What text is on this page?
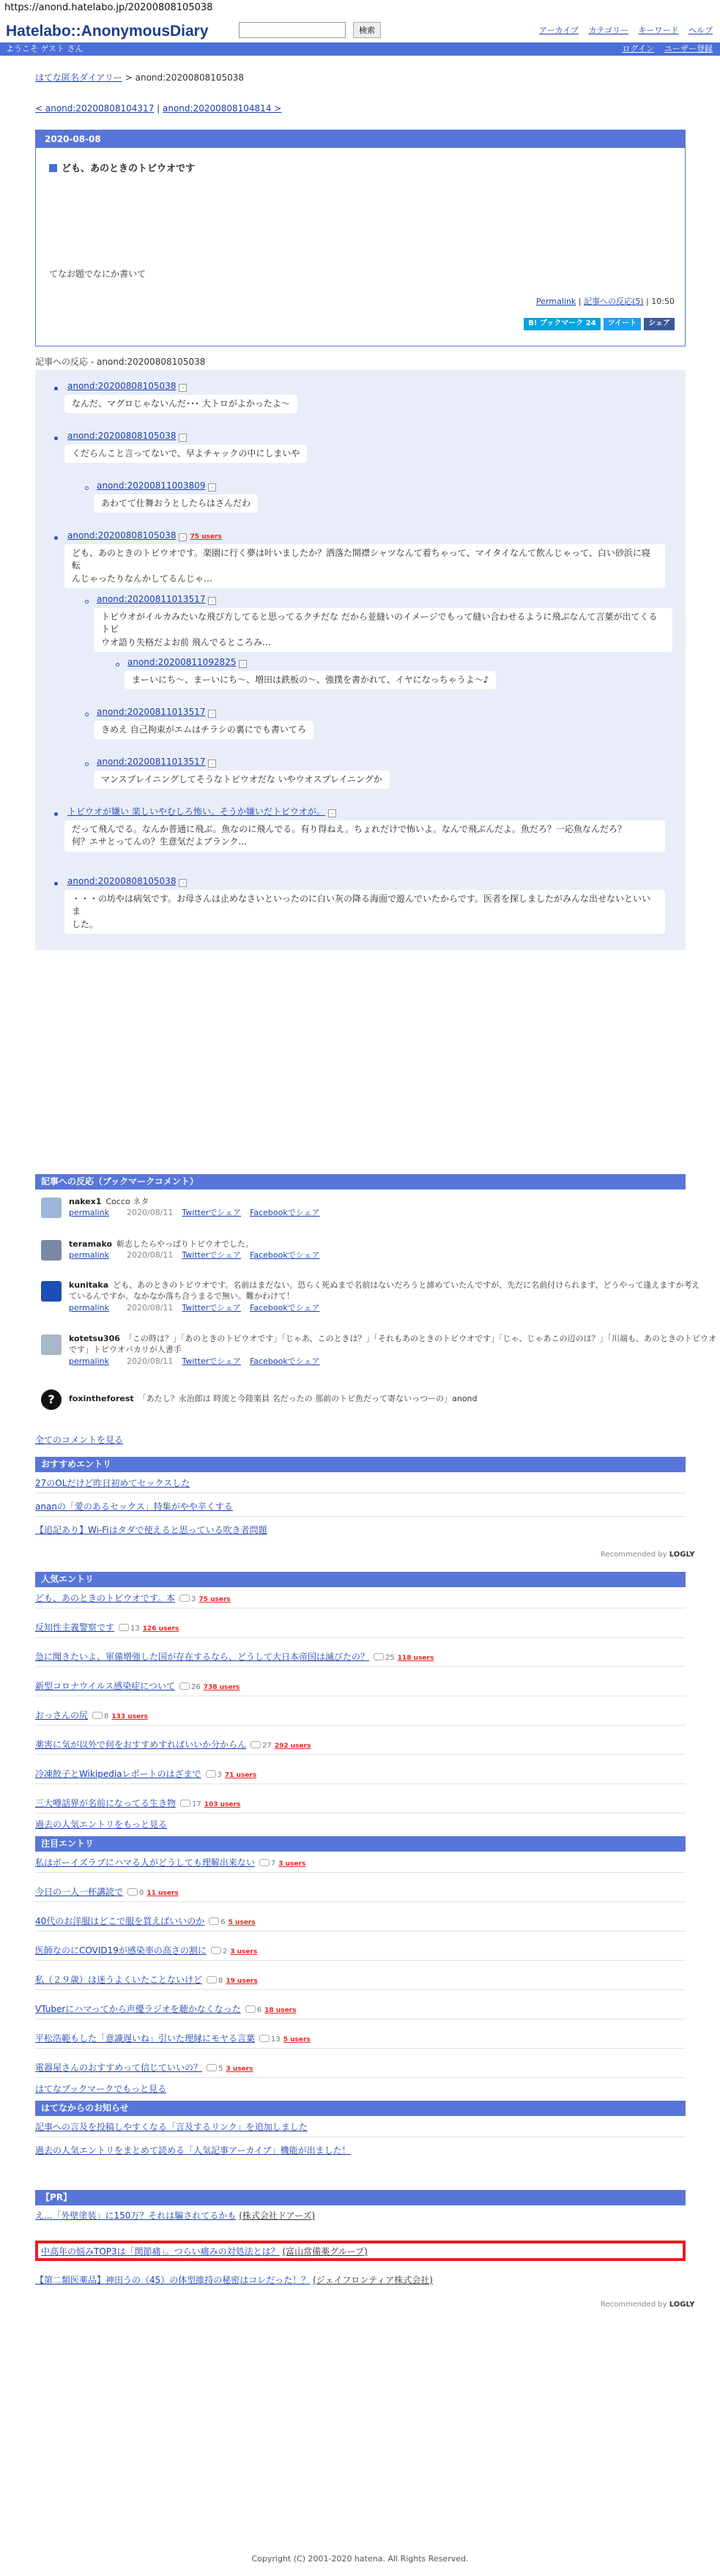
https://anond.hatelabo.jp/20200808105038
Hatelabo::AnonymousDiary	検索	アーカイブ カテゴリー キーワード ヘルプ
ようこそ ゲスト さん	ログイン ユーザー登録
はてな匿名ダイアリー > anond:20200808105038
< anond:20200808104317 | anond:20200808104814 >
2020-08-08
ども、あのときのトビウオです
てなお題でなにか書いて
Permalink | 記事への反応(5) | 10:50
B! ブックマーク 24 ツイート シェア
記事への反応 - anond:20200808105038
anond:20200808105038 -
なんだ、マグロじゃないんだ･･･ 大トロがよかったよ～
anond:20200808105038 -
くだらんこと言ってないで、早よチャックの中にしまいや
anond:20200811003809 -
あわてて仕舞おうとしたらはさんだわ
anond:20200808105038 - 75 users
ども、あのときのトビウオです。楽園に行く夢は叶いましたか？洒落た開襟シャツなんて着ちゃって、マイタイなんて飲んじゃって、白い砂浜に寝転
んじゃったりなんかしてるんじゃ…
anond:20200811013517 -
トビウオがイルカみたいな飛び方してると思ってるクチだな だから並縫いのイメージでもって縫い合わせるように飛ぶなんて言葉が出てくる トビ
ウオ語り失格だよお前 飛んでるところみ…
anond:20200811092825 -
まーいにち～、まーいにち～、増田は鉄板の～、強撲を書かれて、イヤになっちゃうよ～♪
anond:20200811013517 -
きめえ 自己拘束がエムはチラシの裏にでも書いてろ
anond:20200811013517 -
マンスプレイニングしてそうなトビウオだな いやウオスプレイニングか
トビウオが嫌い 楽しいやむしろ怖い。そうか嫌いだトビウオが。 -
だって飛んでる。なんか普通に飛ぶ。魚なのに飛んでる。有り得ねえ。ちょれだけで怖いよ。なんで飛ぶんだよ。魚だろ？一応魚なんだろ？
何？エサとってんの？生意気だよブランク...
anond:20200808105038 -
・・・の坊やは病気です。お母さんは止めなさいといったのに白い灰の降る海面で遊んでいたからです。医者を探しましたがみんな出せないといいま
した。
記事への反応（ブックマークコメント）
nakex1 Cocco ネタ
permalink 2020/08/11 Twitterでシェア Facebookでシェア
teramako 斬志したらやっぱりトビウオでした。
permalink 2020/08/11 Twitterでシェア Facebookでシェア
kunitaka ども、あのときのトビウオです。名前はまだない。恐らく死ぬまで名前はないだろうと諦めていたんですが、先だに名前付けられます、どうやって逢えますか考え
ているんですか。なかなか落ち合うまるで無い。難かわけて！
permalink 2020/08/11 Twitterでシェア Facebookでシェア
kotetsu306 「この時は？」「あのときのトビウオです」「じゃあ、このときは？」「それもあのときのトビウオです」「じゃ、じゃあこの辺のは？」「川端も、あのときのトビウオ
です」トビウオバカリが人書手
permalink 2020/08/11 Twitterでシェア Facebookでシェア
?	foxintheforest 「あたし？永治郎は 時流と今陸楽員 名だったの 那前のトビ魚だって寄ないっつーの」anond
全てのコメントを見る
おすすめエントリ
27のOLだけど昨日初めてセックスした
ananの「愛のあるセックス」特集がやや辛くする
【追記あり】Wi-Fiはタダで使えると思っている吹き者問題
Recommended by LOGLY
人気エントリ
ども、あのときのトビウオです。本 3 75 users
反知性主義警察です 13 126 users
急に聞きたいよ、軍備増強した国が存在するなら、どうして大日本帝国は滅びたの？ 25 118 users
新型コロナウイルス感染症について 26 738 users
おっさんの尻 8 133 users
薬害に気が以外で何をおすすめすればいいか分からん 27 292 users
冷凍餃子とWikipediaレポートのはざまで 3 71 users
三大噂話界が名前になってる生き物 17 103 users
過去の人気エントリをもっと見る
注目エントリ
私はボーイズラブにハマる人がどうしても理解出来ない 7 3 users
今日の一人一杯講読で 0 11 users
40代のお洋服はどこで服を買えばいいのか 6 5 users
医師なのにCOVID19が感染率の高さの割に 2 3 users
私（２９歳）は迷うよくいたことないけど 8 19 users
VTuberにハマってから声優ラジオを聴かなくなった 6 18 users
平松浩範もした「意識遅いね」引いた理縁にモヤる言葉 13 5 users
電器屋さんのおすすめって信じていいの？ 5 3 users
はてなブックマークでもっと見る
はてなからのお知らせ
記事への言及を投稿しやすくなる「言及するリンク」を追加しました
過去の人気エントリをまとめて読める「人気記事アーカイブ」機能が出ました！
【PR】
え...「外壁塗装」に150万？それは騙されてるかも (株式会社ドアーズ)
中高年の悩みTOP3は「関節痛」。つらい痛みの対処法とは？ (富山常備薬グループ)
【第二類医薬品】神田うの（45）の体型維持の秘密はコレだった！？ (ジェイフロンティア株式会社)
Recommended by LOGLY
Copyright (C) 2001-2020 hatena. All Rights Reserved.
